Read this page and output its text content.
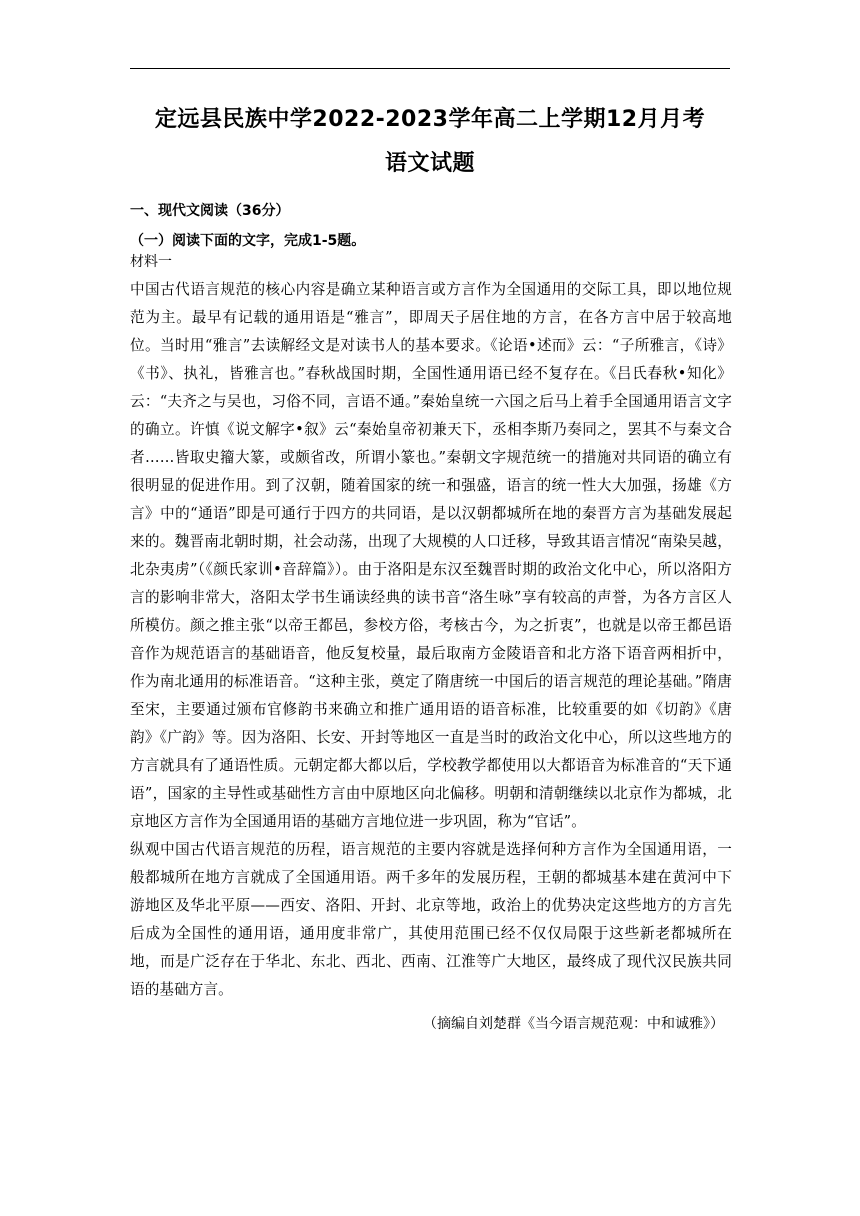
定远县民族中学2022-2023学年高二上学期12月月考
语文试题

一、现代文阅读（36分）

（一）阅读下面的文字，完成1-5题。

材料一

中国古代语言规范的核心内容是确立某种语言或方言作为全国通用的交际工具，即以地位规范为主。最早有记载的通用语是“雅言”，即周天子居住地的方言，在各方言中居于较高地位。当时用“雅言”去读解经文是对读书人的基本要求。《论语•述而》云：“子所雅言，《诗》《书》、执礼，皆雅言也。”春秋战国时期，全国性通用语已经不复存在。《吕氏春秋•知化》云：“夫齐之与吴也，习俗不同，言语不通。”秦始皇统一六国之后马上着手全国通用语言文字的确立。许慎《说文解字•叙》云“秦始皇帝初兼天下，丞相李斯乃奏同之，罢其不与秦文合者……皆取史籀大篆，或颇省改，所谓小篆也。”秦朝文字规范统一的措施对共同语的确立有很明显的促进作用。到了汉朝，随着国家的统一和强盛，语言的统一性大大加强，扬雄《方言》中的“通语”即是可通行于四方的共同语，是以汉朝都城所在地的秦晋方言为基础发展起来的。魏晋南北朝时期，社会动荡，出现了大规模的人口迁移，导致其语言情况“南染吴越，北杂夷虏”（《颜氏家训•音辞篇》）。由于洛阳是东汉至魏晋时期的政治文化中心，所以洛阳方言的影响非常大，洛阳太学书生诵读经典的读书音“洛生咏”享有较高的声誉，为各方言区人所模仿。颜之推主张“以帝王都邑，参校方俗，考核古今，为之折衷”，也就是以帝王都邑语音作为规范语言的基础语音，他反复校量，最后取南方金陵语音和北方洛下语音两相折中，作为南北通用的标准语音。“这种主张，奠定了隋唐统一中国后的语言规范的理论基础。”隋唐至宋，主要通过颁布官修韵书来确立和推广通用语的语音标准，比较重要的如《切韵》《唐韵》《广韵》等。因为洛阳、长安、开封等地区一直是当时的政治文化中心，所以这些地方的方言就具有了通语性质。元朝定都大都以后，学校教学都使用以大都语音为标准音的“天下通语”，国家的主导性或基础性方言由中原地区向北偏移。明朝和清朝继续以北京作为都城，北京地区方言作为全国通用语的基础方言地位进一步巩固，称为“官话”。

纵观中国古代语言规范的历程，语言规范的主要内容就是选择何种方言作为全国通用语，一般都城所在地方言就成了全国通用语。两千多年的发展历程，王朝的都城基本建在黄河中下游地区及华北平原——西安、洛阳、开封、北京等地，政治上的优势决定这些地方的方言先后成为全国性的通用语，通用度非常广，其使用范围已经不仅仅局限于这些新老都城所在地，而是广泛存在于华北、东北、西北、西南、江淮等广大地区，最终成了现代汉民族共同语的基础方言。

（摘编自刘楚群《当今语言规范观：中和诚雅》）
